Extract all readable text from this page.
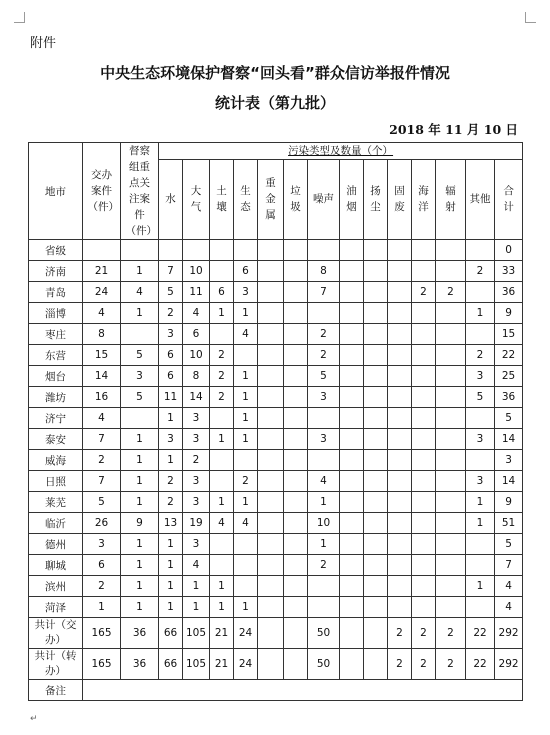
附件
中央生态环境保护督察“回头看”群众信访举报件情况
统计表（第九批）
2018 年 11 月 10 日
地市	交办案件（件）	督察组重点关注案件（件）	污染类型及数量（个）													
			水	大气	土壤	生态	重金属	垃圾	噪声	油烟	扬尘	固废	海洋	辐射	其他	合计
省级																0
济南	21	1	7	10		6			8						2	33
青岛	24	4	5	11	6	3			7				2	2		36
淄博	4	1	2	4	1	1									1	9
枣庄	8		3	6		4			2							15
东营	15	5	6	10	2				2						2	22
烟台	14	3	6	8	2	1			5						3	25
潍坊	16	5	11	14	2	1			3						5	36
济宁	4		1	3		1										5
泰安	7	1	3	3	1	1			3						3	14
威海	2	1	1	2												3
日照	7	1	2	3		2			4						3	14
莱芜	5	1	2	3	1	1			1						1	9
临沂	26	9	13	19	4	4			10						1	51
德州	3	1	1	3					1							5
聊城	6	1	1	4					2							7
滨州	2	1	1	1	1										1	4
菏泽	1	1	1	1	1	1										4
共计（交办）	165	36	66	105	21	24			50			2	2	2	22	292
共计（转办）	165	36	66	105	21	24			50			2	2	2	22	292
备注																
↵
